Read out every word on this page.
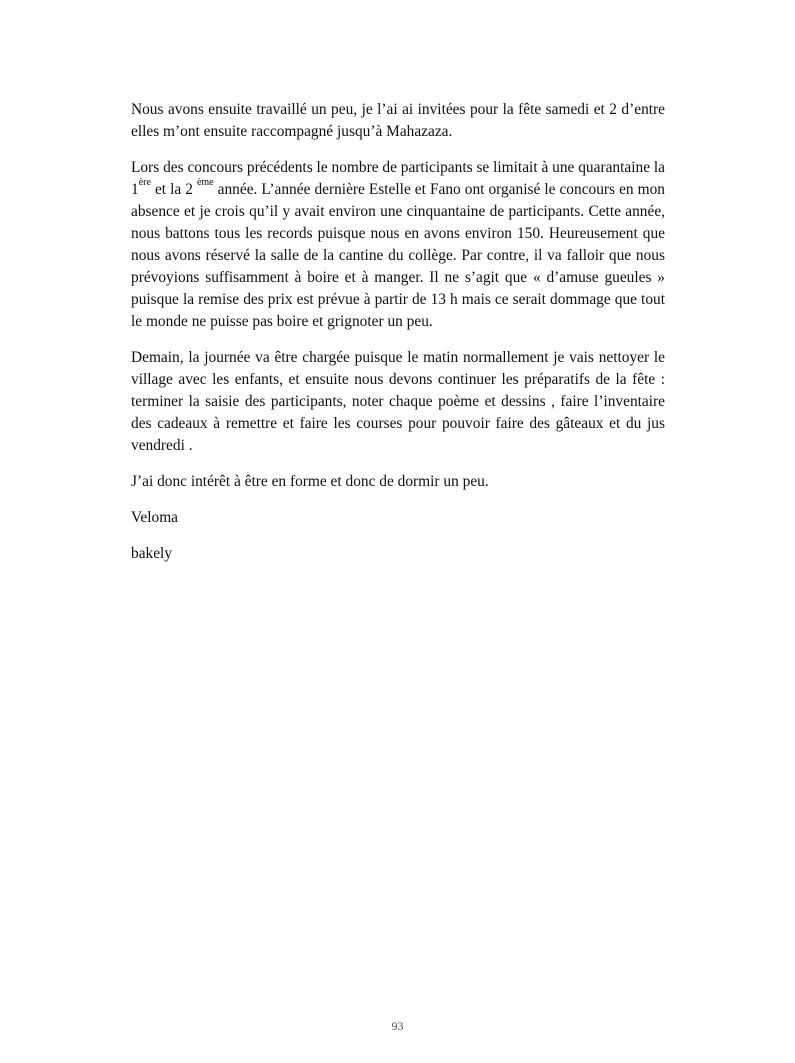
Nous avons ensuite travaillé un peu, je l’ai ai invitées pour la fête samedi et 2 d’entre elles m’ont ensuite raccompagné jusqu’à Mahazaza.

Lors des concours précédents le nombre de participants se limitait à une quarantaine la 1ère et la 2 $^{ème}$ année. L’année dernière Estelle et Fano ont organisé le concours en mon absence et je crois qu’il y avait environ une cinquantaine de participants. Cette année, nous battons tous les records puisque nous en avons environ 150. Heureusement que nous avons réservé la salle de la cantine du collège. Par contre, il va falloir que nous prévoyions suffisamment à boire et à manger. Il ne s’agit que « d’amuse gueules » puisque la remise des prix est prévue à partir de 13 h mais ce serait dommage que tout le monde ne puisse pas boire et grignoter un peu.

Demain, la journée va être chargée puisque le matin normallement je vais nettoyer le village avec les enfants, et ensuite nous devons continuer les préparatifs de la fête : terminer la saisie des participants, noter chaque poème et dessins , faire l’inventaire des cadeaux à remettre et faire les courses pour pouvoir faire des gâteaux et du jus vendredi .

J’ai donc intérêt à être en forme et donc de dormir un peu.

Veloma

bakely

93
